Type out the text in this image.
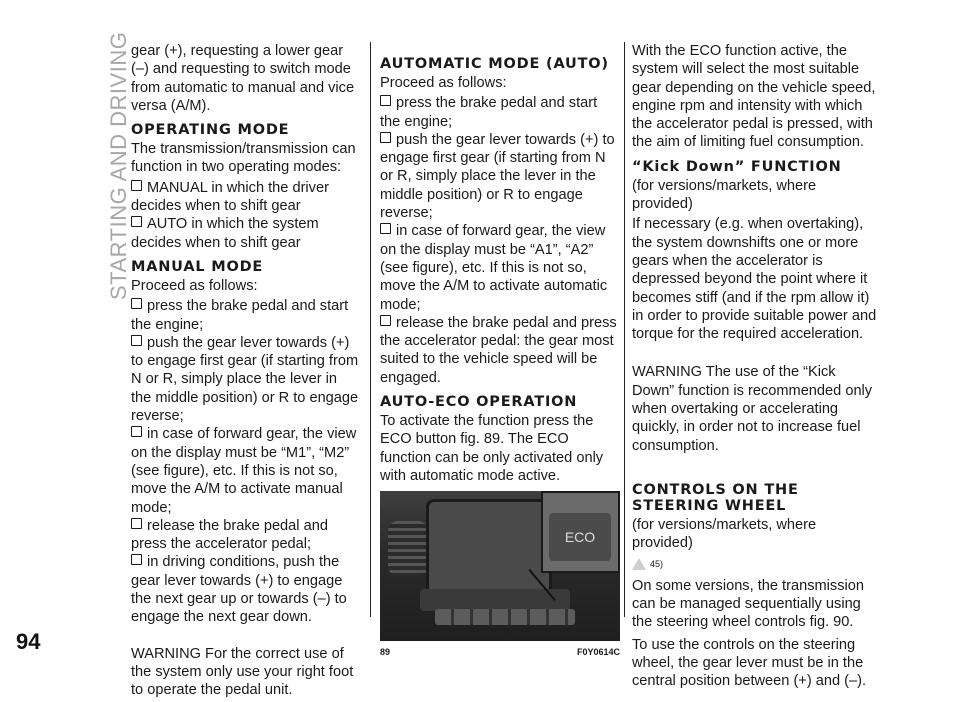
STARTING AND DRIVING gear (+), requesting a lower gear (–) and requesting to switch mode from automatic to manual and vice versa (A/M).

OPERATING MODE

The transmission/transmission can function in two operating modes:

MANUAL in which the driver decides when to shift gear

AUTO in which the system decides when to shift gear

MANUAL MODE

Proceed as follows:

press the brake pedal and start the engine;

push the gear lever towards (+) to engage first gear (if starting from N or R, simply place the lever in the middle position) or R to engage reverse;

in case of forward gear, the view on the display must be “M1”, “M2” (see figure), etc. If this is not so, move the A/M to activate manual mode;

release the brake pedal and press the accelerator pedal;

in driving conditions, push the gear lever towards (+) to engage the next gear up or towards (–) to engage the next gear down.

WARNING For the correct use of the system only use your right foot to operate the pedal unit.

AUTOMATIC MODE (AUTO)

Proceed as follows:

press the brake pedal and start the engine;

push the gear lever towards (+) to engage first gear (if starting from N or R, simply place the lever in the middle position) or R to engage reverse;

in case of forward gear, the view on the display must be “A1”, “A2” (see figure), etc. If this is not so, move the A/M to activate automatic mode;

release the brake pedal and press the accelerator pedal: the gear most suited to the vehicle speed will be engaged.

AUTO-ECO OPERATION

To activate the function press the ECO button fig. 89. The ECO function can be only activated only with automatic mode active.

ECO
89	F0Y0614C

With the ECO function active, the system will select the most suitable gear depending on the vehicle speed, engine rpm and intensity with which the accelerator pedal is pressed, with the aim of limiting fuel consumption.

“Kick Down” FUNCTION

(for versions/markets, where provided)

If necessary (e.g. when overtaking), the system downshifts one or more gears when the accelerator is depressed beyond the point where it becomes stiff (and if the rpm allow it) in order to provide suitable power and torque for the required acceleration.

WARNING The use of the “Kick Down” function is recommended only when overtaking or accelerating quickly, in order not to increase fuel consumption.

CONTROLS ON THE STEERING WHEEL

(for versions/markets, where provided)

45)

On some versions, the transmission can be managed sequentially using the steering wheel controls fig. 90.

To use the controls on the steering wheel, the gear lever must be in the central position between (+) and (–).

94
